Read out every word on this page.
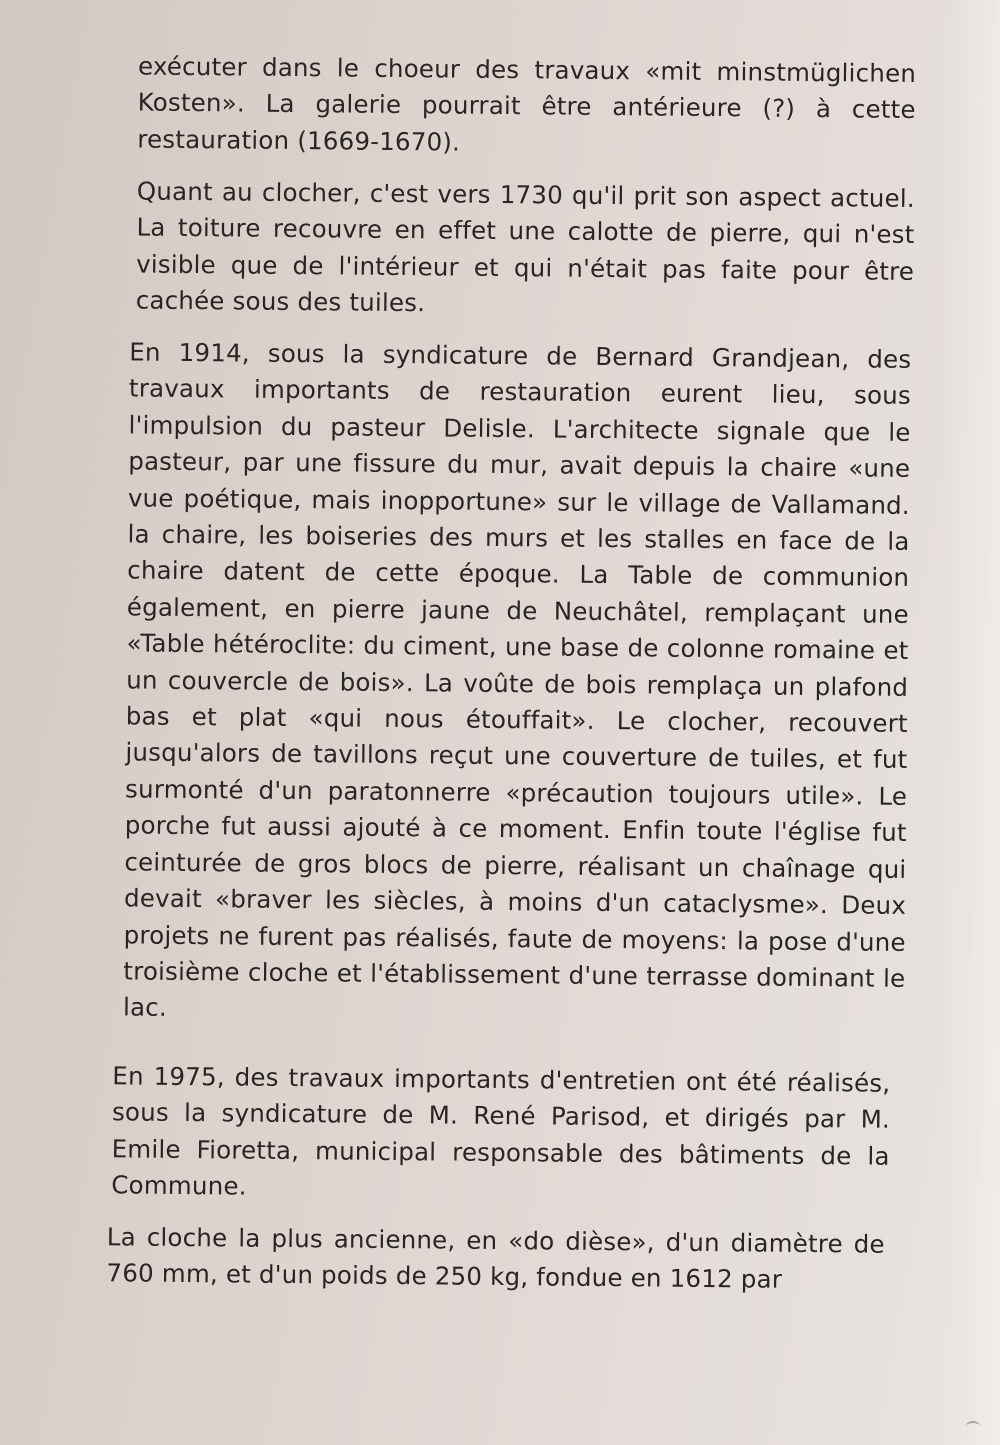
exécuter dans le choeur des travaux «mit minstmüglichen Kosten». La galerie pourrait être antérieure (?) à cette restauration (1669-1670).

Quant au clocher, c'est vers 1730 qu'il prit son aspect actuel. La toiture recouvre en effet une calotte de pierre, qui n'est visible que de l'intérieur et qui n'était pas faite pour être cachée sous des tuiles.

En 1914, sous la syndicature de Bernard Grandjean, des travaux importants de restauration eurent lieu, sous l'impulsion du pasteur Delisle. L'architecte signale que le pasteur, par une fissure du mur, avait depuis la chaire «une vue poétique, mais inopportune» sur le village de Vallamand. la chaire, les boiseries des murs et les stalles en face de la chaire datent de cette époque. La Table de communion également, en pierre jaune de Neuchâtel, remplaçant une «Table hétéroclite: du ciment, une base de colonne romaine et un couvercle de bois». La voûte de bois remplaça un plafond bas et plat «qui nous étouffait». Le clocher, recouvert jusqu'alors de tavillons reçut une couverture de tuiles, et fut surmonté d'un paratonnerre «précaution toujours utile». Le porche fut aussi ajouté à ce moment. Enfin toute l'église fut ceinturée de gros blocs de pierre, réalisant un chaînage qui devait «braver les siècles, à moins d'un cataclysme». Deux projets ne furent pas réalisés, faute de moyens: la pose d'une troisième cloche et l'établissement d'une terrasse dominant le lac.

En 1975, des travaux importants d'entretien ont été réalisés, sous la syndicature de M. René Parisod, et dirigés par M. Emile Fioretta, municipal responsable des bâtiments de la Commune.

La cloche la plus ancienne, en «do dièse», d'un diamètre de 760 mm, et d'un poids de 250 kg, fondue en 1612 par
